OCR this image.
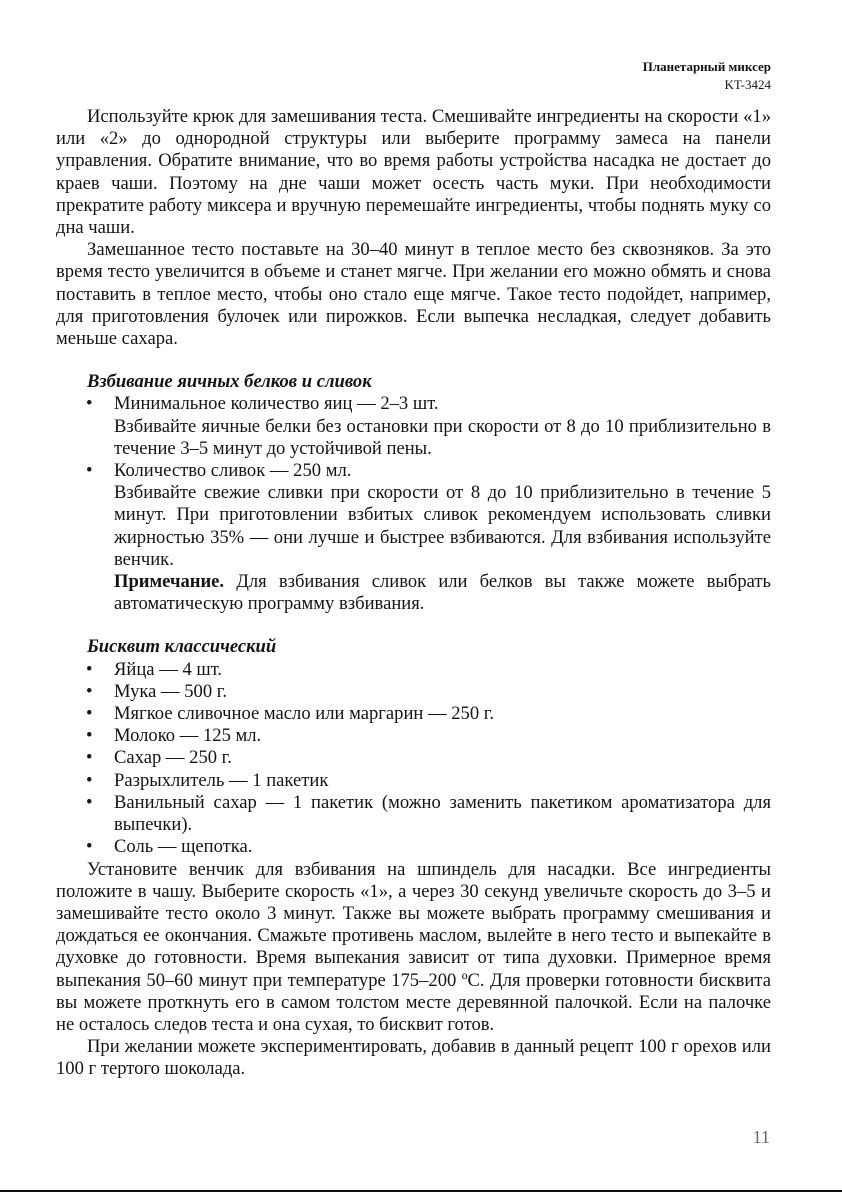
Планетарный миксер
KT-3424

Используйте крюк для замешивания теста. Смешивайте ингредиенты на скорости «1» или «2» до однородной структуры или выберите программу замеса на панели управления. Обратите внимание, что во время работы устройства насадка не достает до краев чаши. Поэтому на дне чаши может осесть часть муки. При необходимости прекратите работу миксера и вручную перемешайте ингредиенты, чтобы поднять муку со дна чаши.

Замешанное тесто поставьте на 30–40 минут в теплое место без сквозняков. За это время тесто увеличится в объеме и станет мягче. При желании его можно обмять и снова поставить в теплое место, чтобы оно стало еще мягче. Такое тесто подойдет, например, для приготовления булочек или пирожков. Если выпечка несладкая, следует добавить меньше сахара.

Взбивание яичных белков и сливок
• Минимальное количество яиц — 2–3 шт.
Взбивайте яичные белки без остановки при скорости от 8 до 10 приблизительно в течение 3–5 минут до устойчивой пены.
• Количество сливок — 250 мл.
Взбивайте свежие сливки при скорости от 8 до 10 приблизительно в течение 5 минут. При приготовлении взбитых сливок рекомендуем использовать сливки жирностью 35% — они лучше и быстрее взбиваются. Для взбивания используйте венчик.
Примечание. Для взбивания сливок или белков вы также можете выбрать автоматическую программу взбивания.
Бисквит классический
• Яйца — 4 шт.
• Мука — 500 г.
• Мягкое сливочное масло или маргарин — 250 г.
• Молоко — 125 мл.
• Сахар — 250 г.
• Разрыхлитель — 1 пакетик
• Ванильный сахар — 1 пакетик (можно заменить пакетиком ароматизатора для выпечки).
• Соль — щепотка.

Установите венчик для взбивания на шпиндель для насадки. Все ингредиенты положите в чашу. Выберите скорость «1», а через 30 секунд увеличьте скорость до 3–5 и замешивайте тесто около 3 минут. Также вы можете выбрать программу смешивания и дождаться ее окончания. Смажьте противень маслом, вылейте в него тесто и выпекайте в духовке до готовности. Время выпекания зависит от типа духовки. Примерное время выпекания 50–60 минут при температуре 175–200 ºC. Для проверки готовности бисквита вы можете проткнуть его в самом толстом месте деревянной палочкой. Если на палочке не осталось следов теста и она сухая, то бисквит готов.

При желании можете экспериментировать, добавив в данный рецепт 100 г орехов или 100 г тертого шоколада.

11
